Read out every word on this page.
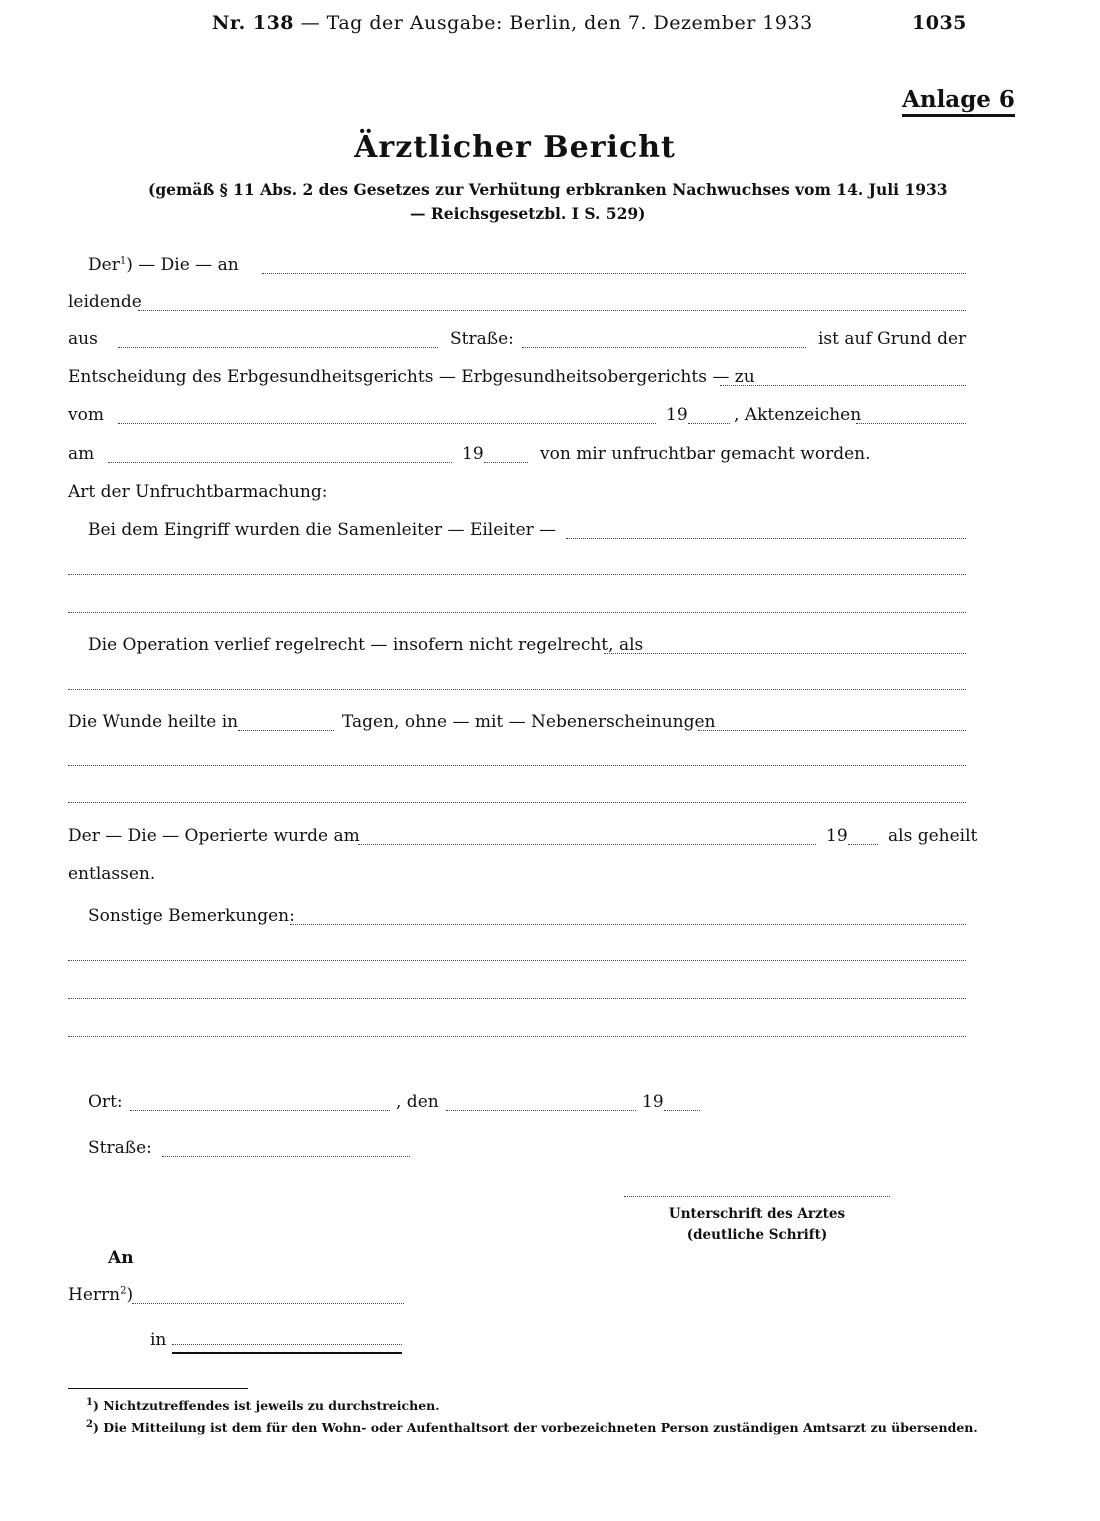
Nr. 138 — Tag der Ausgabe: Berlin, den 7. Dezember 1933	1035
Anlage 6
Ärztlicher Bericht
(gemäß § 11 Abs. 2 des Gesetzes zur Verhütung erbkranken Nachwuchses vom 14. Juli 1933
— Reichsgesetzbl. I S. 529)
Der$^1$) — Die — an
leidende
aus	Straße:	ist auf Grund der
Entscheidung des Erbgesundheitsgerichts — Erbgesundheitsobergerichts — zu
vom	19	, Aktenzeichen
am	19	von mir unfruchtbar gemacht worden.
Art der Unfruchtbarmachung:
Bei dem Eingriff wurden die Samenleiter — Eileiter —
Die Operation verlief regelrecht — insofern nicht regelrecht, als
Die Wunde heilte in	Tagen, ohne — mit — Nebenerscheinungen
Der — Die — Operierte wurde am	19 als geheilt
entlassen.
Sonstige Bemerkungen:
Ort:	, den	19
Straße:
Unterschrift des Arztes
(deutliche Schrift)
An
Herrn$^2$)
in
$^1$) Nichtzutreffendes ist jeweils zu durchstreichen.
$^2$) Die Mitteilung ist dem für den Wohn- oder Aufenthaltsort der vorbezeichneten Person zuständigen Amtsarzt zu übersenden.
